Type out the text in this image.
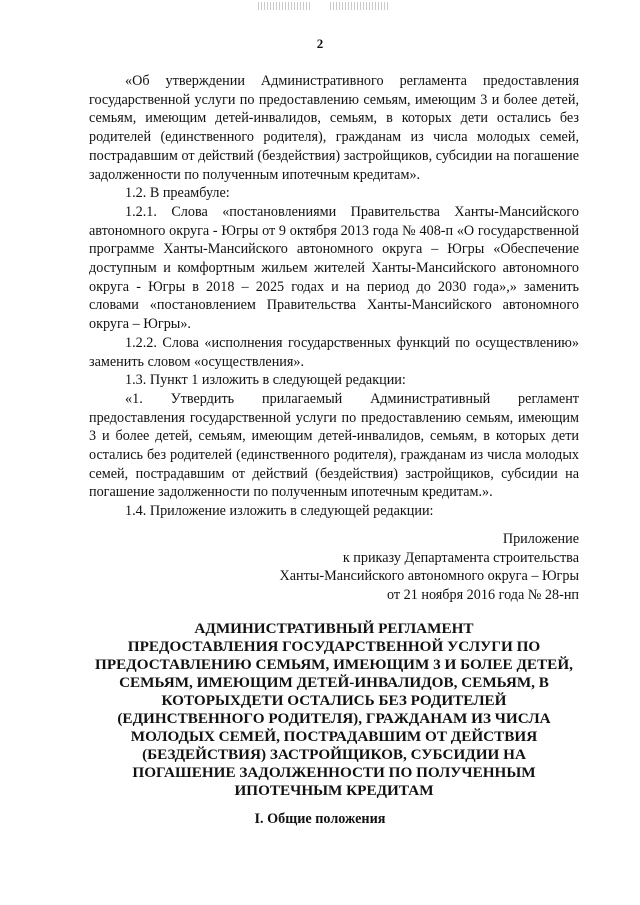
2

«Об утверждении Административного регламента предоставления государственной услуги по предоставлению семьям, имеющим 3 и более детей, семьям, имеющим детей-инвалидов, семьям, в которых дети остались без родителей (единственного родителя), гражданам из числа молодых семей, пострадавшим от действий (бездействия) застройщиков, субсидии на погашение задолженности по полученным ипотечным кредитам».

1.2. В преамбуле:

1.2.1. Слова «постановлениями Правительства Ханты-Мансийского автономного округа - Югры от 9 октября 2013 года № 408-п «О государственной программе Ханты-Мансийского автономного округа – Югры «Обеспечение доступным и комфортным жильем жителей Ханты-Мансийского автономного округа - Югры в 2018 – 2025 годах и на период до 2030 года»,» заменить словами «постановлением Правительства Ханты-Мансийского автономного округа – Югры».

1.2.2. Слова «исполнения государственных функций по осуществлению» заменить словом «осуществления».

1.3. Пункт 1 изложить в следующей редакции:

«1. Утвердить прилагаемый Административный регламент предоставления государственной услуги по предоставлению семьям, имеющим 3 и более детей, семьям, имеющим детей-инвалидов, семьям, в которых дети остались без родителей (единственного родителя), гражданам из числа молодых семей, пострадавшим от действий (бездействия) застройщиков, субсидии на погашение задолженности по полученным ипотечным кредитам.».

1.4. Приложение изложить в следующей редакции:

Приложение
к приказу Департамента строительства
Ханты-Мансийского автономного округа – Югры
от 21 ноября 2016 года № 28-нп
АДМИНИСТРАТИВНЫЙ РЕГЛАМЕНТ
ПРЕДОСТАВЛЕНИЯ ГОСУДАРСТВЕННОЙ УСЛУГИ ПО
ПРЕДОСТАВЛЕНИЮ СЕМЬЯМ, ИМЕЮЩИМ 3 И БОЛЕЕ ДЕТЕЙ,
СЕМЬЯМ, ИМЕЮЩИМ ДЕТЕЙ-ИНВАЛИДОВ, СЕМЬЯМ, В
КОТОРЫХДЕТИ ОСТАЛИСЬ БЕЗ РОДИТЕЛЕЙ
(ЕДИНСТВЕННОГО РОДИТЕЛЯ), ГРАЖДАНАМ ИЗ ЧИСЛА
МОЛОДЫХ СЕМЕЙ, ПОСТРАДАВШИМ ОТ ДЕЙСТВИЯ
(БЕЗДЕЙСТВИЯ) ЗАСТРОЙЩИКОВ, СУБСИДИИ НА
ПОГАШЕНИЕ ЗАДОЛЖЕННОСТИ ПО ПОЛУЧЕННЫМ
ИПОТЕЧНЫМ КРЕДИТАМ
I. Общие положения
